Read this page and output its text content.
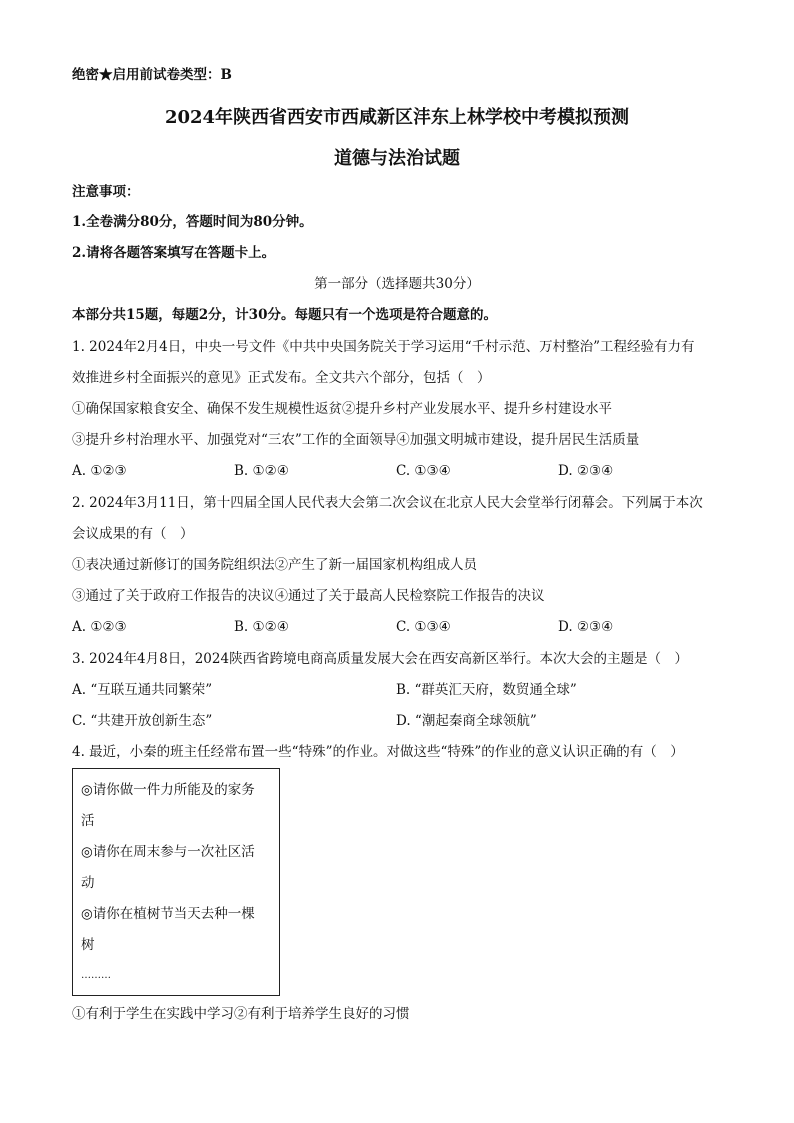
绝密★启用前试卷类型：B
2024年陕西省西安市西咸新区沣东上林学校中考模拟预测
道德与法治试题
注意事项：
1.全卷满分80分，答题时间为80分钟。
2.请将各题答案填写在答题卡上。
第一部分（选择题共30分）
本部分共15题，每题2分，计30分。每题只有一个选项是符合题意的。
1. 2024年2月4日，中央一号文件《中共中央国务院关于学习运用“千村示范、万村整治”工程经验有力有
效推进乡村全面振兴的意见》正式发布。全文共六个部分，包括（　）
①确保国家粮食安全、确保不发生规模性返贫②提升乡村产业发展水平、提升乡村建设水平
③提升乡村治理水平、加强党对“三农”工作的全面领导④加强文明城市建设，提升居民生活质量
A. ①②③	B. ①②④	C. ①③④	D. ②③④
2. 2024年3月11日，第十四届全国人民代表大会第二次会议在北京人民大会堂举行闭幕会。下列属于本次
会议成果的有（　）
①表决通过新修订的国务院组织法②产生了新一届国家机构组成人员
③通过了关于政府工作报告的决议④通过了关于最高人民检察院工作报告的决议
A. ①②③	B. ①②④	C. ①③④	D. ②③④
3. 2024年4月8日，2024陕西省跨境电商高质量发展大会在西安高新区举行。本次大会的主题是（　）
A. “互联互通共同繁荣”	B. “群英汇天府，数贸通全球”
C. “共建开放创新生态”	D. “潮起秦商全球领航”
4. 最近，小秦的班主任经常布置一些“特殊”的作业。对做这些“特殊”的作业的意义认识正确的有（　）
◎请你做一件力所能及的家务
活
◎请你在周末参与一次社区活
动
◎请你在植树节当天去种一棵
树
………
①有利于学生在实践中学习②有利于培养学生良好的习惯
